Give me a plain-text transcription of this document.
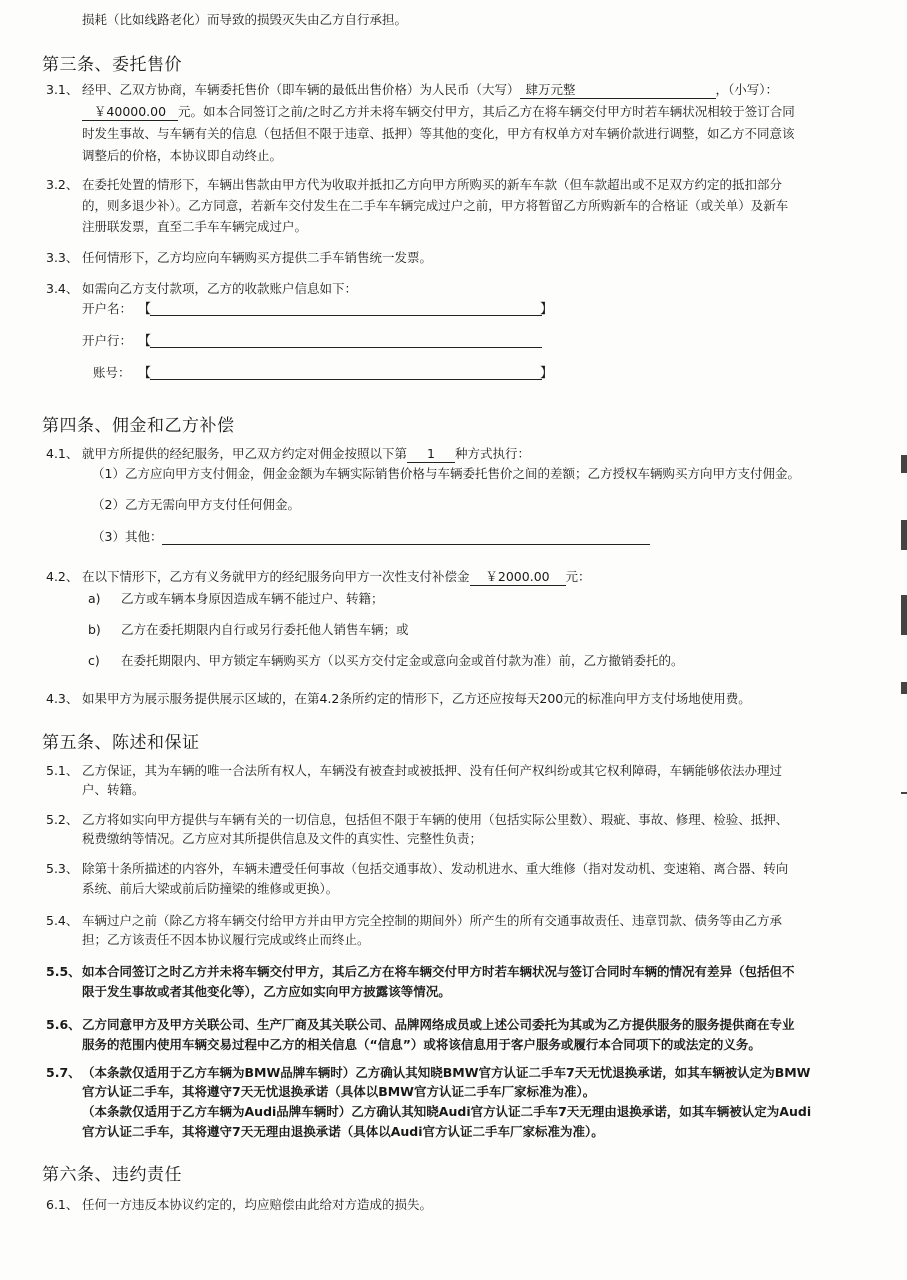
损耗（比如线路老化）而导致的损毁灭失由乙方自行承担。
第三条、委托售价
3.1、 经甲、乙双方协商，车辆委托售价（即车辆的最低出售价格）为人民币（大写） 肆万元整	，（小写）：
￥40000.00 元。如本合同签订之前/之时乙方并未将车辆交付甲方，其后乙方在将车辆交付甲方时若车辆状况相较于签订合同
时发生事故、与车辆有关的信息（包括但不限于违章、抵押）等其他的变化，甲方有权单方对车辆价款进行调整，如乙方不同意该
调整后的价格，本协议即自动终止。
3.2、 在委托处置的情形下，车辆出售款由甲方代为收取并抵扣乙方向甲方所购买的新车车款（但车款超出或不足双方约定的抵扣部分
的，则多退少补）。乙方同意，若新车交付发生在二手车车辆完成过户之前，甲方将暂留乙方所购新车的合格证（或关单）及新车
注册联发票，直至二手车车辆完成过户。
3.3、 任何情形下，乙方均应向车辆购买方提供二手车销售统一发票。
3.4、 如需向乙方支付款项，乙方的收款账户信息如下：
开户名： 【	】
开户行： 【
账号： 【	】
第四条、佣金和乙方补偿
4.1、 就甲方所提供的经纪服务，甲乙双方约定对佣金按照以下第 1 种方式执行：
（1）乙方应向甲方支付佣金，佣金金额为车辆实际销售价格与车辆委托售价之间的差额；乙方授权车辆购买方向甲方支付佣金。
（2）乙方无需向甲方支付任何佣金。
（3）其他：
4.2、 在以下情形下，乙方有义务就甲方的经纪服务向甲方一次性支付补偿金 ￥2000.00 元：
a) 乙方或车辆本身原因造成车辆不能过户、转籍；
b) 乙方在委托期限内自行或另行委托他人销售车辆；或
c) 在委托期限内、甲方锁定车辆购买方（以买方交付定金或意向金或首付款为准）前，乙方撤销委托的。
4.3、 如果甲方为展示服务提供展示区域的，在第4.2条所约定的情形下，乙方还应按每天200元的标准向甲方支付场地使用费。
第五条、陈述和保证
5.1、 乙方保证，其为车辆的唯一合法所有权人，车辆没有被查封或被抵押、没有任何产权纠纷或其它权利障碍，车辆能够依法办理过
户、转籍。
5.2、 乙方将如实向甲方提供与车辆有关的一切信息，包括但不限于车辆的使用（包括实际公里数）、瑕疵、事故、修理、检验、抵押、
税费缴纳等情况。乙方应对其所提供信息及文件的真实性、完整性负责；
5.3、 除第十条所描述的内容外，车辆未遭受任何事故（包括交通事故）、发动机进水、重大维修（指对发动机、变速箱、离合器、转向
系统、前后大梁或前后防撞梁的维修或更换）。
5.4、 车辆过户之前（除乙方将车辆交付给甲方并由甲方完全控制的期间外）所产生的所有交通事故责任、违章罚款、债务等由乙方承
担；乙方该责任不因本协议履行完成或终止而终止。
5.5、 如本合同签订之时乙方并未将车辆交付甲方，其后乙方在将车辆交付甲方时若车辆状况与签订合同时车辆的情况有差异（包括但不
限于发生事故或者其他变化等），乙方应如实向甲方披露该等情况。
5.6、 乙方同意甲方及甲方关联公司、生产厂商及其关联公司、品牌网络成员或上述公司委托为其或为乙方提供服务的服务提供商在专业
服务的范围内使用车辆交易过程中乙方的相关信息（“信息”）或将该信息用于客户服务或履行本合同项下的或法定的义务。
5.7、 （本条款仅适用于乙方车辆为BMW品牌车辆时）乙方确认其知晓BMW官方认证二手车7天无忧退换承诺，如其车辆被认定为BMW
官方认证二手车，其将遵守7天无忧退换承诺（具体以BMW官方认证二手车厂家标准为准）。
（本条款仅适用于乙方车辆为Audi品牌车辆时）乙方确认其知晓Audi官方认证二手车7天无理由退换承诺，如其车辆被认定为Audi
官方认证二手车，其将遵守7天无理由退换承诺（具体以Audi官方认证二手车厂家标准为准）。
第六条、违约责任
6.1、 任何一方违反本协议约定的，均应赔偿由此给对方造成的损失。
